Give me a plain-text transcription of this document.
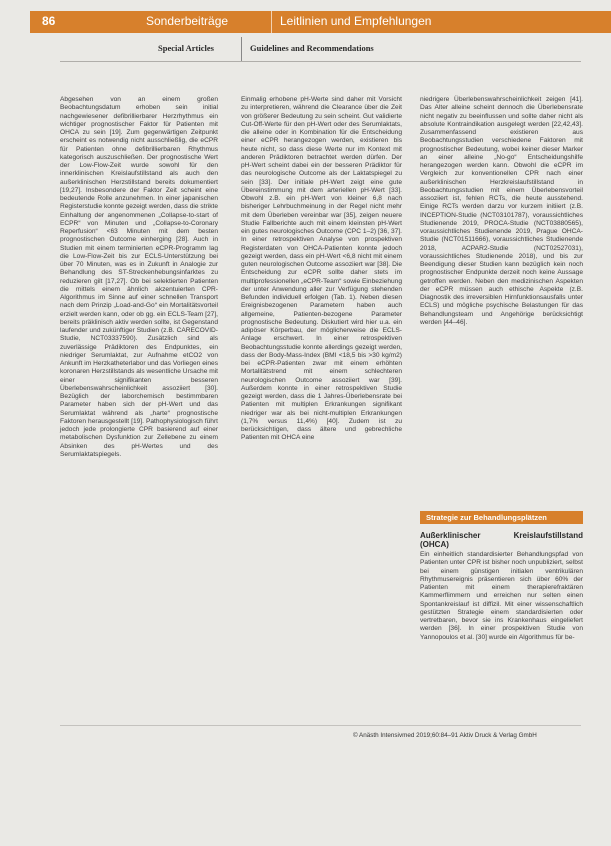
86	Sonderbeiträge	Leitlinien und Empfehlungen
Special Articles	Guidelines and Recommendations

Abgesehen von an einem großen Beobachtungsdatum erhoben sein initial nachgewiesener defibrillierbarer Herzrhythmus ein wichtiger prognostischer Faktor für Patienten mit OHCA zu sein [19]. Zum gegenwärtigen Zeitpunkt erscheint es notwendig nicht ausschließlig, die eCPR für Patienten ohne defibrillierbaren Rhythmus kategorisch auszuschließen. Der prognostische Wert der Low-Flow-Zeit wurde sowohl für den innerklinischen Kreislaufstillstand als auch den außerklinischen Herzstillstand bereits dokumentiert [19,27]. Insbesondere der Faktor Zeit scheint eine bedeutende Rolle anzunehmen. In einer japanischen Registerstudie konnte gezeigt werden, dass die strikte Einhaltung der angenommenen „Collapse-to-start of ECPR“ von Minuten und „Collapse-to-Coronary Reperfusion“ <63 Minuten mit dem besten prognostischen Outcome einherging [28]. Auch in Studien mit einem terminierten eCPR-Programm lag die Low-Flow-Zeit bis zur ECLS-Unterstützung bei über 70 Minuten, was es in Zukunft in Analogie zur Behandlung des ST-Streckenhebungsinfarktes zu reduzieren gilt [17,27]. Ob bei selektierten Patienten die mittels einem ähnlich akzentuierten CPR-Algorithmus im Sinne auf einer schnellen Transport nach dem Prinzip „Load-and-Go“ ein Mortalitätsvorteil erzielt werden kann, oder ob gg. ein ECLS-Team [27], bereits präklinisch aktiv werden sollte, ist Gegenstand laufender und zukünftiger Studien (z.B. CARECOVID-Studie, NCT03337590). Zusätzlich sind als zuverlässige Prädiktoren des Endpunktes, ein niedriger Serumlaktat, zur Aufnahme etCO2 von Ankunft im Herzkatheterlabor und das Vorliegen eines koronaren Herzstillstands als wesentliche Ursache mit einer signifikanten besseren Überlebenswahrscheinlichkeit assoziiert [30]. Bezüglich der laborchemisch bestimmbaren Parameter haben sich der pH-Wert und das Serumlaktat während als „harte“ prognostische Faktoren herausgestellt [19]. Pathophysiologisch führt jedoch jede prolongierte CPR basierend auf einer metabolischen Dysfunktion zur Zellebene zu einem Absinken des pH-Wertes und des Serumlaktatspiegels.

Einmalig erhobene pH-Werte sind daher mit Vorsicht zu interpretieren, während die Clearance über die Zeit von größerer Bedeutung zu sein scheint. Gut validierte Cut-Off-Werte für den pH-Wert oder des Serumlaktats, die alleine oder in Kombination für die Entscheidung einer eCPR herangezogen werden, existieren bis heute nicht, so dass diese Werte nur im Kontext mit anderen Prädiktoren betrachtet werden dürfen. Der pH-Wert scheint dabei ein der besseren Prädiktor für das neurologische Outcome als der Laktatspiegel zu sein [33]. Der initiale pH-Wert zeigt eine gute Übereinstimmung mit dem arteriellen pH-Wert [33]. Obwohl z.B. ein pH-Wert von kleiner 6,8 nach bisheriger Lehrbuchmeinung in der Regel nicht mehr mit dem Überleben vereinbar war [35], zeigen neuere Studie Fallberichte auch mit einem kleinsten pH-Wert ein gutes neurologisches Outcome (CPC 1–2) [36, 37]. In einer retrospektiven Analyse von prospektiven Registerdaten von OHCA-Patienten konnte jedoch gezeigt werden, dass ein pH-Wert <6,8 nicht mit einem guten neurologischen Outcome assoziiert war [38]. Die Entscheidung zur eCPR sollte daher stets im multiprofessionellen „eCPR-Team“ sowie Einbeziehung der unter Anwendung aller zur Verfügung stehenden Befunden individuell erfolgen (Tab. 1). Neben diesen Ereignisbezogenen Parametern haben auch allgemeine, Patienten-bezogene Parameter prognostische Bedeutung. Diskutiert wird hier u.a. ein adipöser Körperbau, der möglicherweise die ECLS-Anlage erschwert. In einer retrospektiven Beobachtungsstudie konnte allerdings gezeigt werden, dass der Body-Mass-Index (BMI <18,5 bis >30 kg/m2) bei eCPR-Patienten zwar mit einem erhöhten Mortalitätstrend mit einem schlechteren neurologischen Outcome assoziiert war [39]. Außerdem konnte in einer retrospektiven Studie gezeigt werden, dass die 1 Jahres-Überlebensrate bei Patienten mit multiplen Erkrankungen signifikant niedriger war als bei nicht-multiplen Erkrankungen (1,7% versus 11,4%) [40]. Zudem ist zu berücksichtigen, dass ältere und gebrechliche Patienten mit OHCA eine

niedrigere Überlebenswahrscheinlichkeit zeigen [41]. Das Alter alleine scheint dennoch die Überlebensrate nicht negativ zu beeinflussen und sollte daher nicht als absolute Kontraindikation ausgelegt werden [22,42,43]. Zusammenfassend existieren aus Beobachtungsstudien verschiedene Faktoren mit prognostischer Bedeutung, wobei keiner dieser Marker an einer alleine „No-go“ Entscheidungshilfe herangezogen werden kann. Obwohl die eCPR im Vergleich zur konventionellen CPR nach einer außerklinischen Herzkreislaufstillstand in Beobachtungsstudien mit einem Überlebensvorteil assoziiert ist, fehlen RCTs, die heute ausstehend. Einige RCTs werden darzu vor kurzem initiiert (z.B. INCEPTION-Studie (NCT03101787), voraussichtliches Studienende 2019, PROCA-Studie (NCT03880565), voraussichtliches Studienende 2019, Prague OHCA-Studie (NCT01511666), voraussichtliches Studienende 2018, ACPAR2-Studie (NCT02527031), voraussichtliches Studienende 2018), und bis zur Beendigung dieser Studien kann bezüglich kein noch prognostischer Endpunkte derzeit noch keine Aussage getroffen werden. Neben den medizinischen Aspekten der eCPR müssen auch ethische Aspekte (z.B. Diagnostik des irreversiblen Hirnfunktionsausfalls unter ECLS) und mögliche psychische Belastungen für das Behandlungsteam und Angehörige berücksichtigt werden [44–46].

Strategie zur Behandlungsplätzen
Außerklinischer Kreislaufstillstand (OHCA)

Ein einheitlich standardisierter Behandlungspfad von Patienten unter CPR ist bisher noch unpubliziert, selbst bei einem günstigen initialen ventrikulären Rhythmusereignis präsentieren sich über 60% der Patienten mit einem therapierefraktären Kammerflimmern und erreichen nur selten einen Spontankreislauf ist diffizil. Mit einer wissenschaftlich gestützten Strategie einem standardisierten oder vertretbaren, bevor sie ins Krankenhaus eingeliefert werden [36]. In einer prospektiven Studie von Yannopoulos et al. [30] wurde ein Algorithmus für be-

© Anästh Intensivmed 2019;60:84–91 Aktiv Druck & Verlag GmbH
